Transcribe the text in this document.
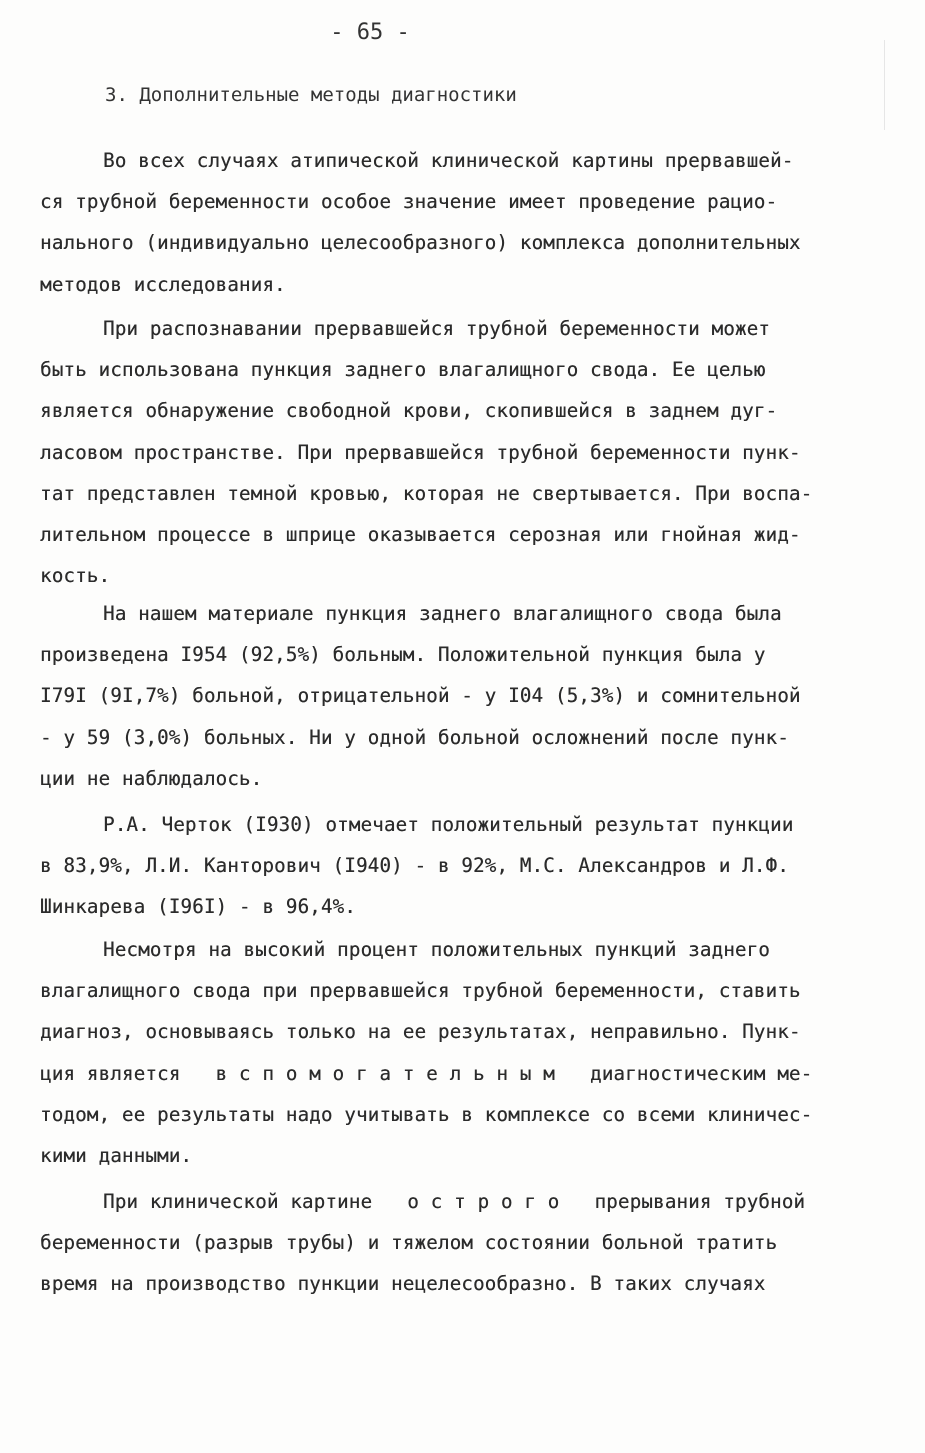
- 65 -
3. Дополнительные методы диагностики
Во всех случаях атипической клинической картины прервавшей-
ся трубной беременности особое значение имеет проведение рацио-
нального (индивидуально целесообразного) комплекса дополнительных
методов исследования.
При распознавании прервавшейся трубной беременности может
быть использована пункция заднего влагалищного свода. Ее целью
является обнаружение свободной крови, скопившейся в заднем дуг-
ласовом пространстве. При прервавшейся трубной беременности пунк-
тат представлен темной кровью, которая не свертывается. При воспа-
лительном процессе в шприце оказывается серозная или гнойная жид-
кость.
На нашем материале пункция заднего влагалищного свода была
произведена I954 (92,5%) больным. Положительной пункция была у
I79I (9I,7%) больной, отрицательной - у I04 (5,3%) и сомнительной
- у 59 (3,0%) больных. Ни у одной больной осложнений после пунк-
ции не наблюдалось.
Р.А. Черток (I930) отмечает положительный результат пункции
в 83,9%, Л.И. Канторович (I940) - в 92%, М.С. Александров и Л.Ф.
Шинкарева (I96I) - в 96,4%.
Несмотря на высокий процент положительных пункций заднего
влагалищного свода при прервавшейся трубной беременности, ставить
диагноз, основываясь только на ее результатах, неправильно. Пунк-
ция является   в с п о м о г а т е л ь н ы м   диагностическим ме-
тодом, ее результаты надо учитывать в комплексе со всеми клиничес-
кими данными.
При клинической картине   о с т р о г о   прерывания трубной
беременности (разрыв трубы) и тяжелом состоянии больной тратить
время на производство пункции нецелесообразно. В таких случаях
